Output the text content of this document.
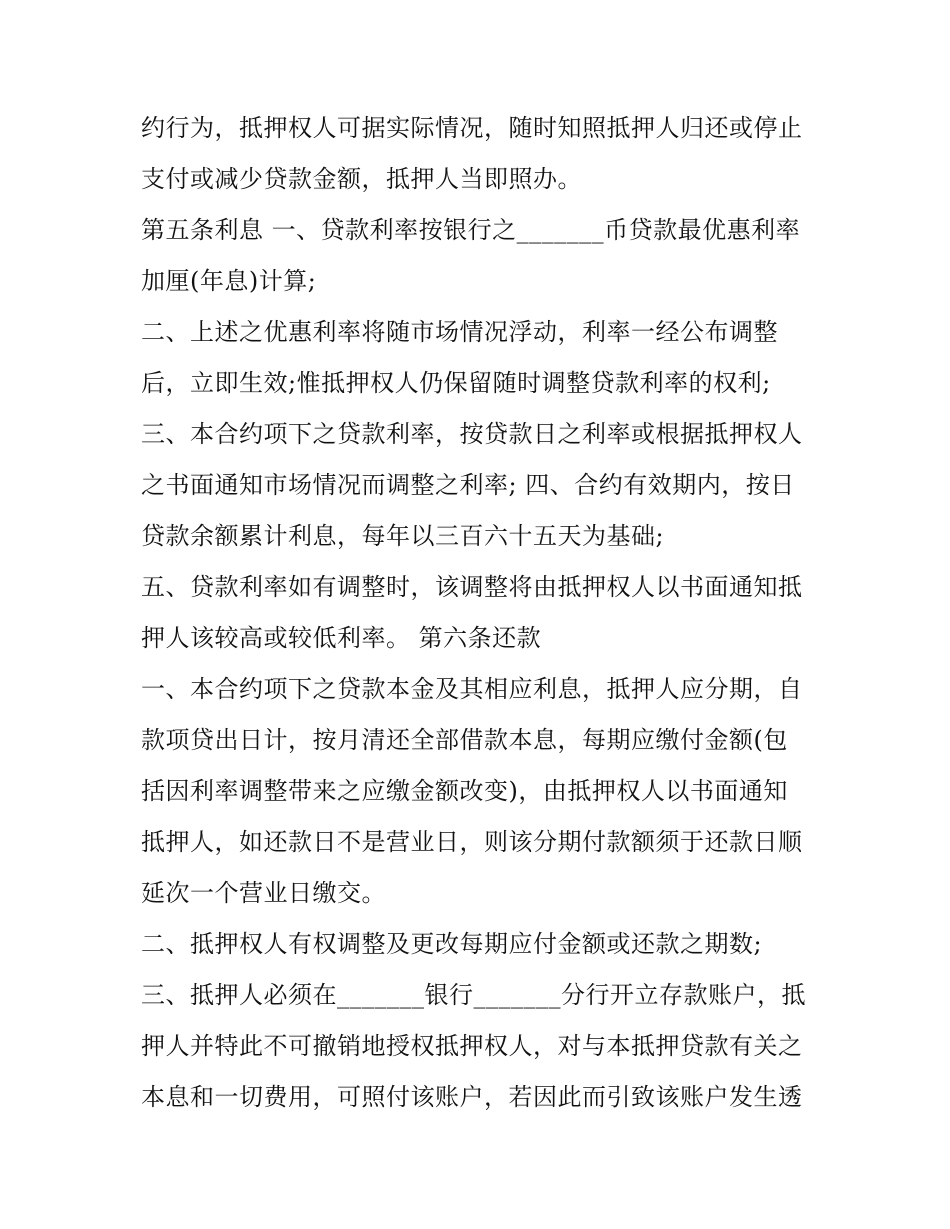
约行为，抵押权人可据实际情况，随时知照抵押人归还或停止
支付或减少贷款金额，抵押人当即照办。
第五条利息 一、贷款利率按银行之_______币贷款最优惠利率
加厘(年息)计算;
二、上述之优惠利率将随市场情况浮动，利率一经公布调整
后，立即生效;惟抵押权人仍保留随时调整贷款利率的权利;
三、本合约项下之贷款利率，按贷款日之利率或根据抵押权人
之书面通知市场情况而调整之利率; 四、合约有效期内，按日
贷款余额累计利息，每年以三百六十五天为基础;
五、贷款利率如有调整时，该调整将由抵押权人以书面通知抵
押人该较高或较低利率。 第六条还款
一、本合约项下之贷款本金及其相应利息，抵押人应分期，自
款项贷出日计，按月清还全部借款本息，每期应缴付金额(包
括因利率调整带来之应缴金额改变)，由抵押权人以书面通知
抵押人，如还款日不是营业日，则该分期付款额须于还款日顺
延次一个营业日缴交。
二、抵押权人有权调整及更改每期应付金额或还款之期数;
三、抵押人必须在_______银行_______分行开立存款账户，抵
押人并特此不可撤销地授权抵押权人，对与本抵押贷款有关之
本息和一切费用，可照付该账户，若因此而引致该账户发生透
